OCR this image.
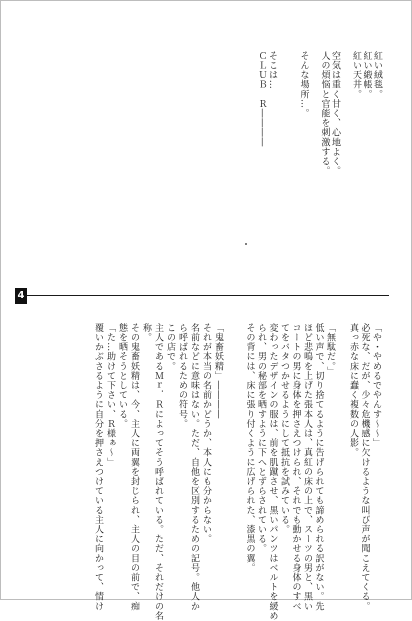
紅い絨毯。
紅い緞帳。
紅い天井。

空気は重く甘く、心地よく。
人の煩悩と官能を刺激する。

そんな場所…。

そこは…
ＣＬＵＢ　Ｒ――――
4
「や・やめるでやんす～～」
必死な、だが、少々危機感に欠けるような叫び声が聞こえてくる。
真っ赤な床に蠢く複数の人影。

「無駄だ。」
低い声で、切り捨てるように告げられても諦められる訳がない。先
ほど悲鳴を上げた張本人は、真紅の床の上で、スーツの男と、黒い
コートの男に身体を押さえつけられ、それでも動かせる身体のすべ
てをバタつかせるようにして抵抗を試みている。
変わったデザインの服は、前を肌蹴させ、黒いパンツはベルトを緩め
られ、男の秘部を晒すように下へとずらされている。
その背には、床に張り付くように広げられた、漆黒の翼。
「鬼畜妖精」――――
それが本当の名前かどうか、本人にも分からない。
名前などに意味はない。ただ、自他を区別するための記号。他人か
ら呼ばれるための符号。
この店で。
主人であるＭｒ．Ｒによってそう呼ばれている。ただ、それだけの名
称。
その鬼畜妖精は、今、主人に両翼を封じられ、主人の目の前で、痴
態を晒そうとしている。
「た…助けて下さい、Ｒ様ぁ～」
覆いかぶさるように自分を押さえつけている主人に向かって、情け
